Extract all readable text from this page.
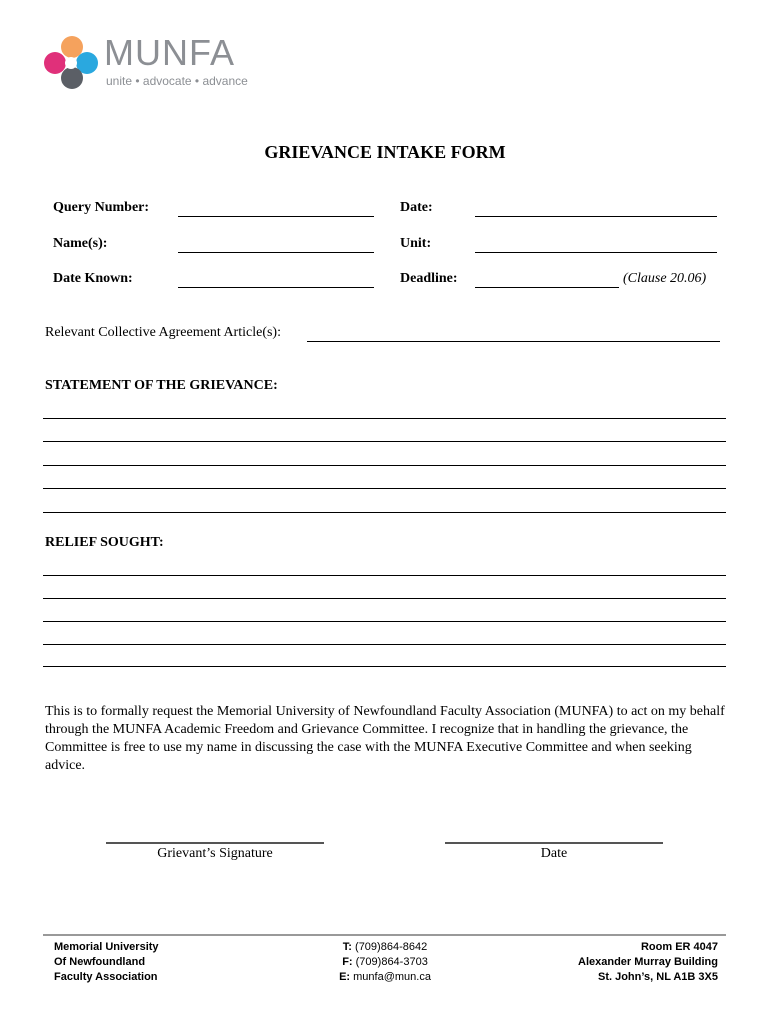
MUNFA
unite • advocate • advance
GRIEVANCE INTAKE FORM
Query Number:	Date:
Name(s):	Unit:
Date Known:	Deadline:	(Clause 20.06)
Relevant Collective Agreement Article(s):
STATEMENT OF THE GRIEVANCE:
RELIEF SOUGHT:

This is to formally request the Memorial University of Newfoundland Faculty Association (MUNFA) to act on my behalf through the MUNFA Academic Freedom and Grievance Committee. I recognize that in handling the grievance, the Committee is free to use my name in discussing the case with the MUNFA Executive Committee and when seeking advice.

Grievant’s Signature	Date
Memorial University
Of Newfoundland
Faculty Association
T: (709)864-8642
F: (709)864-3703
E: munfa@mun.ca
Room ER 4047
Alexander Murray Building
St. John’s, NL A1B 3X5
